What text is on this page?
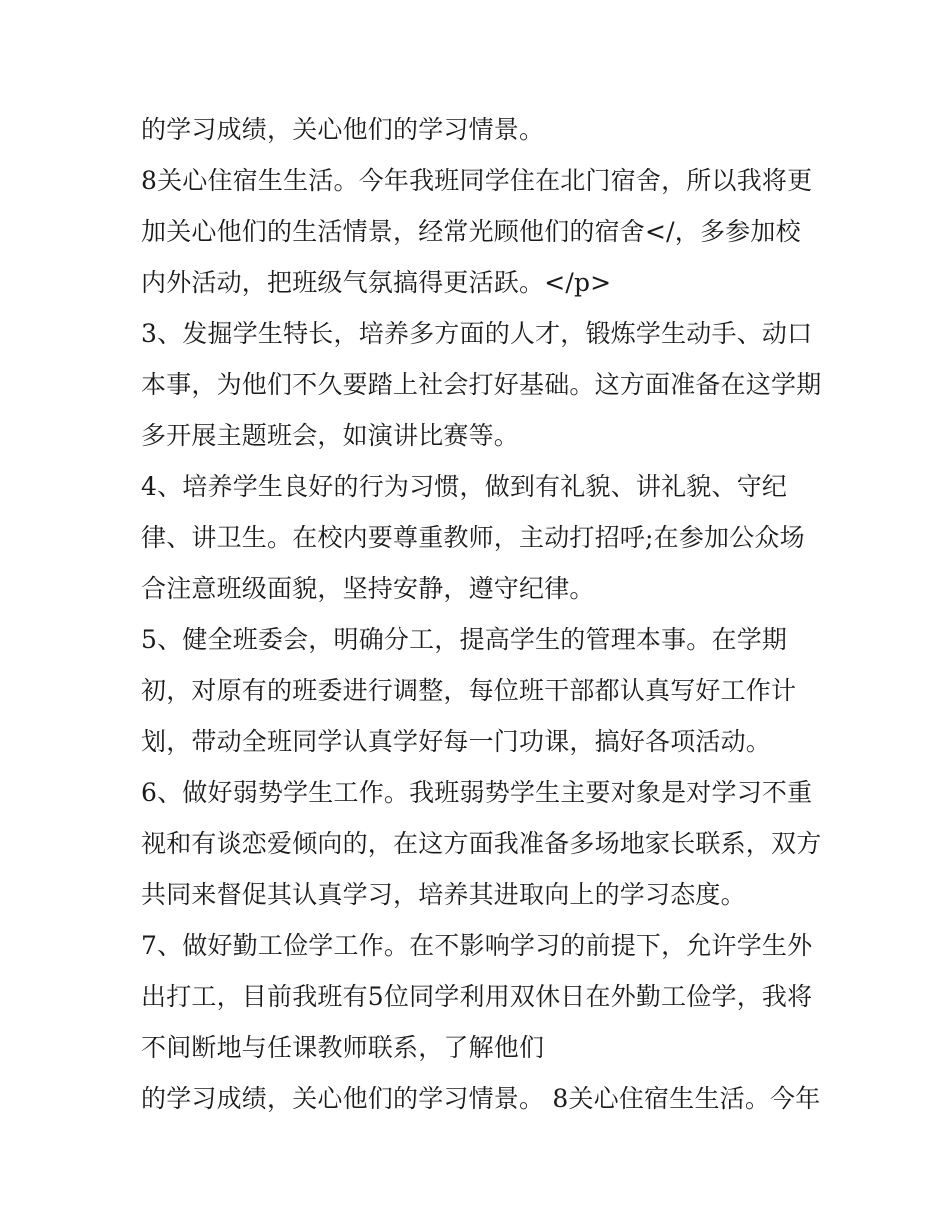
的学习成绩，关心他们的学习情景。
8关心住宿生生活。今年我班同学住在北门宿舍，所以我将更
加关心他们的生活情景，经常光顾他们的宿舍</，多参加校
内外活动，把班级气氛搞得更活跃。</p>
3、发掘学生特长，培养多方面的人才，锻炼学生动手、动口
本事，为他们不久要踏上社会打好基础。这方面准备在这学期
多开展主题班会，如演讲比赛等。
4、培养学生良好的行为习惯，做到有礼貌、讲礼貌、守纪
律、讲卫生。在校内要尊重教师，主动打招呼;在参加公众场
合注意班级面貌，坚持安静，遵守纪律。
5、健全班委会，明确分工，提高学生的管理本事。在学期
初，对原有的班委进行调整，每位班干部都认真写好工作计
划，带动全班同学认真学好每一门功课，搞好各项活动。
6、做好弱势学生工作。我班弱势学生主要对象是对学习不重
视和有谈恋爱倾向的，在这方面我准备多场地家长联系，双方
共同来督促其认真学习，培养其进取向上的学习态度。
7、做好勤工俭学工作。在不影响学习的前提下，允许学生外
出打工，目前我班有5位同学利用双休日在外勤工俭学，我将
不间断地与任课教师联系，了解他们
的学习成绩，关心他们的学习情景。 8关心住宿生生活。今年
